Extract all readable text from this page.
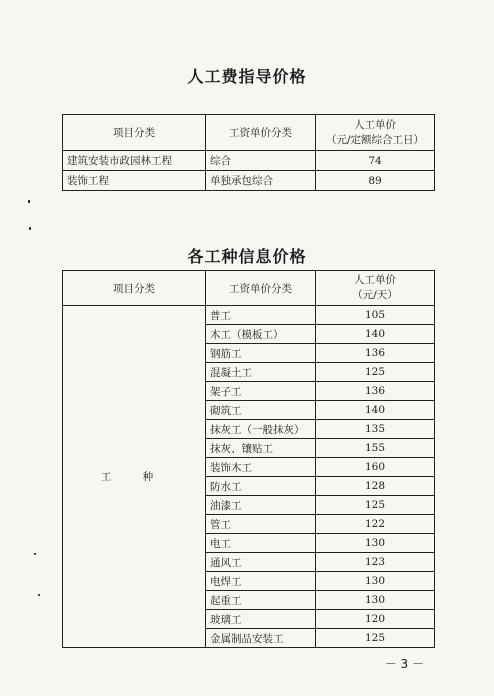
人工费指导价格
项目分类	工资单价分类	人工单价
（元/定额综合工日）

建筑安装市政园林工程	综合	74
装饰工程	单独承包综合	89
各工种信息价格
项目分类	工资单价分类	人工单价
（元/天）

工 种	普工	105
	木工（模板工）	140
	钢筋工	136
	混凝土工	125
	架子工	136
	砌筑工	140
	抹灰工（一般抹灰）	135
	抹灰、镶贴工	155
	装饰木工	160
	防水工	128
	油漆工	125
	管工	122
	电工	130
	通风工	123
	电焊工	130
	起重工	130
	玻璃工	120
	金属制品安装工	125
－ 3 －
